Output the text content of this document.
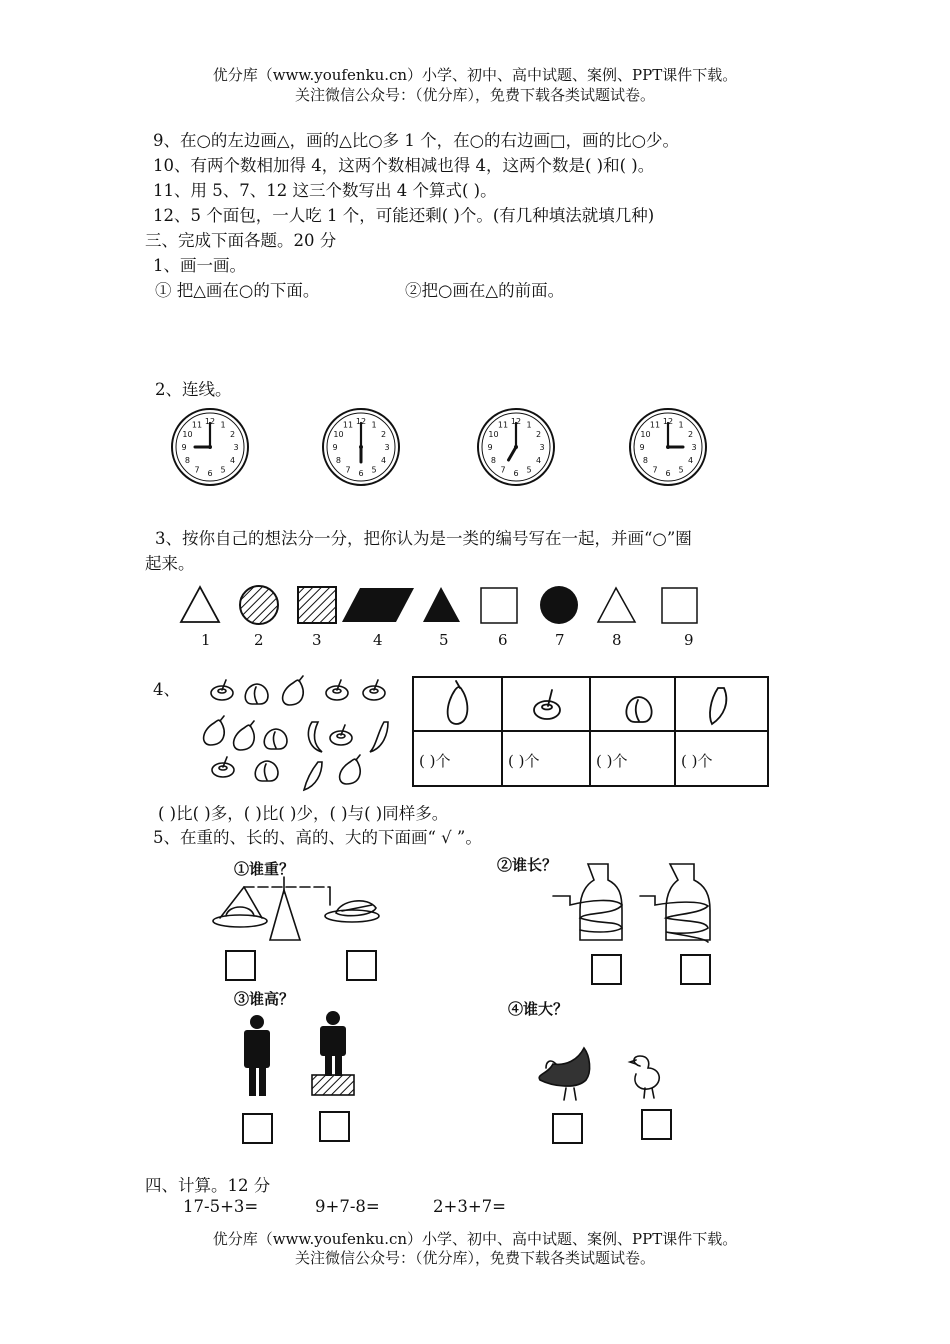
优分库（www.youfenku.cn）小学、初中、高中试题、案例、PPT课件下载。
关注微信公众号：（优分库），免费下载各类试题试卷。
9、在○的左边画△，画的△比○多 1 个，在○的右边画□，画的比○少。
10、有两个数相加得 4，这两个数相减也得 4，这两个数是( )和( )。
11、用 5、7、12 这三个数写出 4 个算式( )。
12、5 个面包，一人吃 1 个，可能还剩( )个。(有几种填法就填几种)
三、完成下面各题。20 分
1、画一画。
① 把△画在○的下面。	②把○画在△的前面。
2、连线。
1
2
3
4
5
6
7
8
9
10
11 12	1
2
3
4
5
6
7
8
9
10
11 12	1
2
3
4
5
6
7
8
9
10
11 12	1
2
3
4
5
6
7
8
9
10
11 12
3、按你自己的想法分一分，把你认为是一类的编号写在一起，并画“○”圈
起来。
1	2	3	4	5	6	7	8	9
4、
( )个	( )个	( )个	( )个
( )比( )多，( )比( )少，( )与( )同样多。
5、在重的、长的、高的、大的下面画“ √ ”。
①谁重？	②谁长？
③谁高？
④谁大？
四、计算。12 分
17-5+3=	9+7-8=	2+3+7=
优分库（www.youfenku.cn）小学、初中、高中试题、案例、PPT课件下载。
关注微信公众号：（优分库），免费下载各类试题试卷。
